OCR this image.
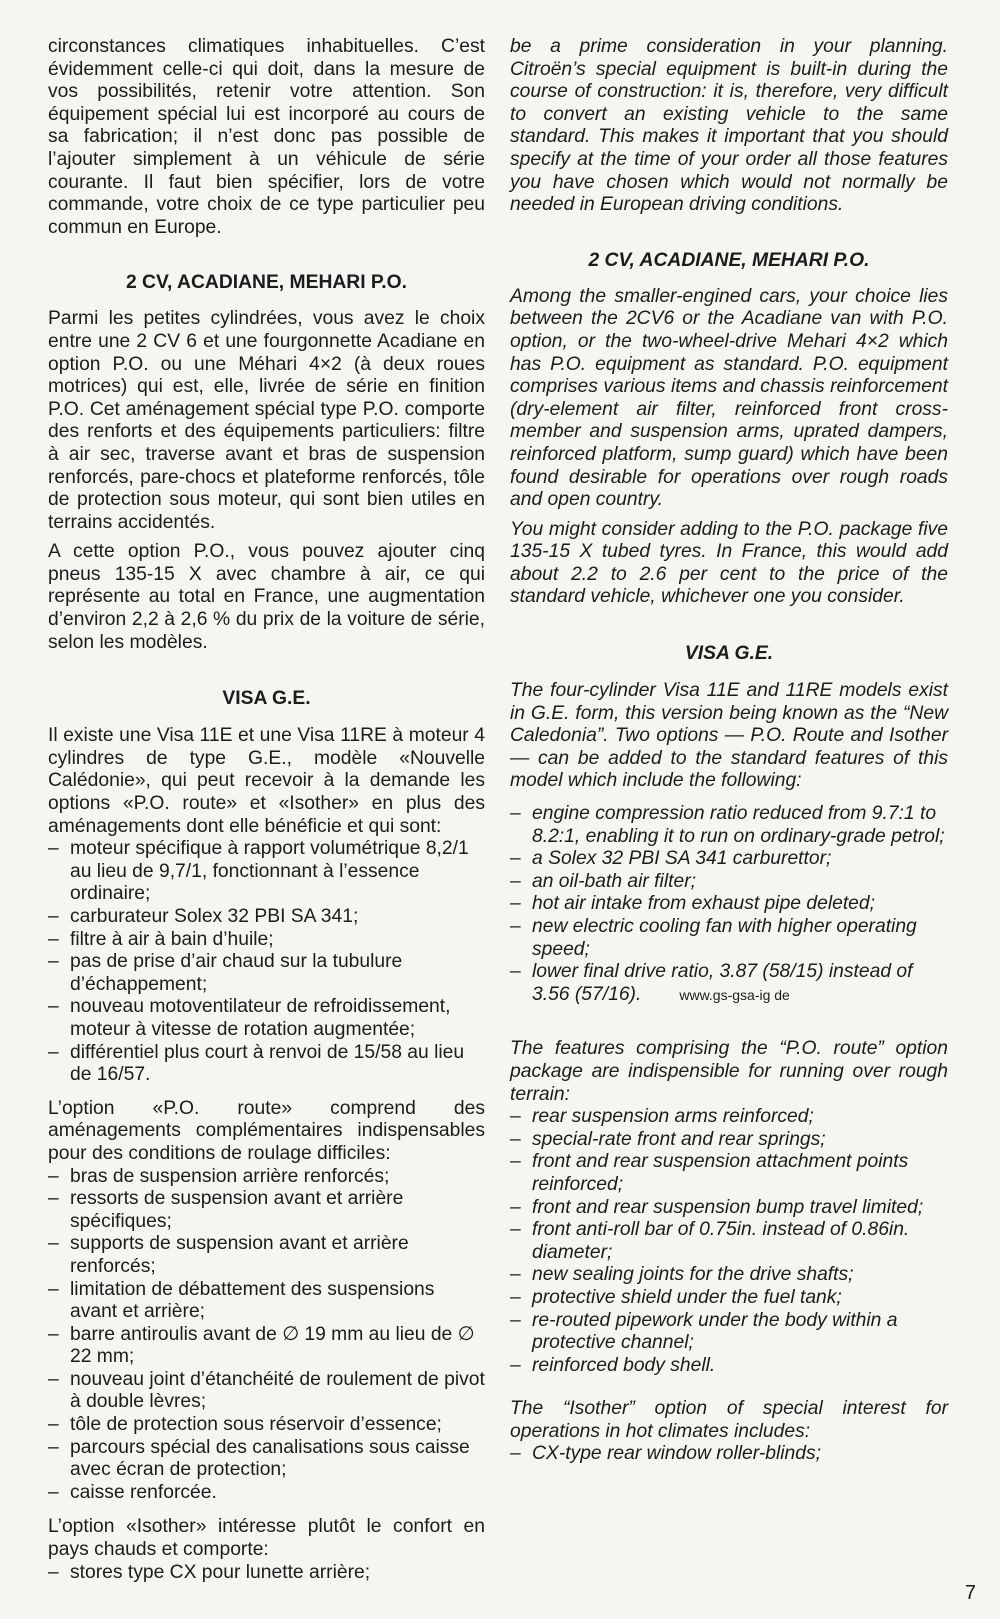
circonstances climatiques inhabituelles. C’est évidemment celle-ci qui doit, dans la mesure de vos possibilités, retenir votre attention. Son équipement spécial lui est incorporé au cours de sa fabrication; il n’est donc pas possible de l’ajouter simplement à un véhicule de série courante. Il faut bien spécifier, lors de votre commande, votre choix de ce type particulier peu commun en Europe.

2 CV, ACADIANE, MEHARI P.O.

Parmi les petites cylindrées, vous avez le choix entre une 2 CV 6 et une fourgonnette Acadiane en option P.O. ou une Méhari 4×2 (à deux roues motrices) qui est, elle, livrée de série en finition P.O. Cet aménagement spécial type P.O. comporte des renforts et des équipements particuliers: filtre à air sec, traverse avant et bras de suspension renforcés, pare-chocs et plateforme renforcés, tôle de protection sous moteur, qui sont bien utiles en terrains accidentés.

A cette option P.O., vous pouvez ajouter cinq pneus 135-15 X avec chambre à air, ce qui représente au total en France, une augmentation d’environ 2,2 à 2,6 % du prix de la voiture de série, selon les modèles.

VISA G.E.

Il existe une Visa 11E et une Visa 11RE à moteur 4 cylindres de type G.E., modèle «Nouvelle Calédonie», qui peut recevoir à la demande les options «P.O. route» et «Isother» en plus des aménagements dont elle bénéficie et qui sont:

– moteur spécifique à rapport volumétrique 8,2/1 au lieu de 9,7/1, fonctionnant à l’essence ordinaire;
– carburateur Solex 32 PBI SA 341;
– filtre à air à bain d’huile;
– pas de prise d’air chaud sur la tubulure d’échappement;
– nouveau motoventilateur de refroidissement, moteur à vitesse de rotation augmentée;
– différentiel plus court à renvoi de 15/58 au lieu de 16/57.

L’option «P.O. route» comprend des aménagements complémentaires indispensables pour des conditions de roulage difficiles:

– bras de suspension arrière renforcés;
– ressorts de suspension avant et arrière spécifiques;
– supports de suspension avant et arrière renforcés;
– limitation de débattement des suspensions avant et arrière;
– barre antiroulis avant de ∅ 19 mm au lieu de ∅ 22 mm;
– nouveau joint d’étanchéité de roulement de pivot à double lèvres;
– tôle de protection sous réservoir d’essence;
– parcours spécial des canalisations sous caisse avec écran de protection;
– caisse renforcée.

L’option «Isother» intéresse plutôt le confort en pays chauds et comporte:

– stores type CX pour lunette arrière;

be a prime consideration in your planning. Citroën’s special equipment is built-in during the course of construction: it is, therefore, very difficult to convert an existing vehicle to the same standard. This makes it important that you should specify at the time of your order all those features you have chosen which would not normally be needed in European driving conditions.

2 CV, ACADIANE, MEHARI P.O.

Among the smaller-engined cars, your choice lies between the 2CV6 or the Acadiane van with P.O. option, or the two-wheel-drive Mehari 4×2 which has P.O. equipment as standard. P.O. equipment comprises various items and chassis reinforcement (dry-element air filter, reinforced front cross-member and suspension arms, uprated dampers, reinforced platform, sump guard) which have been found desirable for operations over rough roads and open country.

You might consider adding to the P.O. package five 135-15 X tubed tyres. In France, this would add about 2.2 to 2.6 per cent to the price of the standard vehicle, whichever one you consider.

VISA G.E.

The four-cylinder Visa 11E and 11RE models exist in G.E. form, this version being known as the “New Caledonia”. Two options — P.O. Route and Isother — can be added to the standard features of this model which include the following:

– engine compression ratio reduced from 9.7:1 to 8.2:1, enabling it to run on ordinary-grade petrol;
– a Solex 32 PBI SA 341 carburettor;
– an oil-bath air filter;
– hot air intake from exhaust pipe deleted;
– new electric cooling fan with higher operating speed;
– lower final drive ratio, 3.87 (58/15) instead of 3.56 (57/16).	www.gs-gsa-ig de

The features comprising the “P.O. route” option package are indispensible for running over rough terrain:

– rear suspension arms reinforced;
– special-rate front and rear springs;
– front and rear suspension attachment points reinforced;
– front and rear suspension bump travel limited;
– front anti-roll bar of 0.75in. instead of 0.86in. diameter;
– new sealing joints for the drive shafts;
– protective shield under the fuel tank;
– re-routed pipework under the body within a protective channel;
– reinforced body shell.

The “Isother” option of special interest for operations in hot climates includes:

– CX-type rear window roller-blinds;
7
